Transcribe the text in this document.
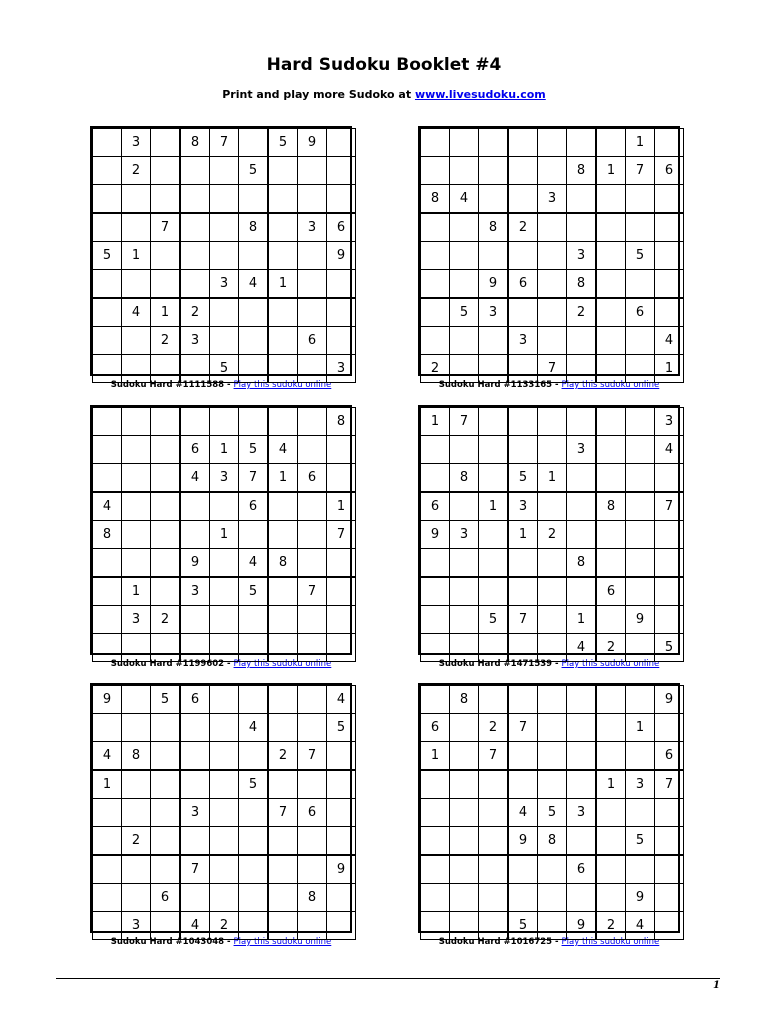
Hard Sudoku Booklet #4
Print and play more Sudoko at www.livesudoku.com
	3		8	7		5	9	
	2				5			

		7			8		3	6
5	1							9
				3	4	1		
	4	1	2					
		2	3				6	
				5				3
Sudoku Hard #1111588 - Play this sudoku online
							1	
					8	1	7	6
8	4			3				
		8	2					
					3		5	
		9	6		8			
	5	3			2		6	
			3					4
2				7				1
Sudoku Hard #1133165 - Play this sudoku online
								8
			6	1	5	4		
			4	3	7	1	6	
4					6			1
8				1				7
			9		4	8		
	1		3		5		7	
	3	2						

Sudoku Hard #1199602 - Play this sudoku online
1	7							3
					3			4
	8		5	1				
6		1	3			8		7
9	3		1	2				
					8			
						6		
		5	7		1		9	
					4	2		5
Sudoku Hard #1471539 - Play this sudoku online
9		5	6					4
					4			5
4	8					2	7	
1					5			
			3			7	6	
	2							
			7					9
		6					8	
	3		4	2				
Sudoku Hard #1043048 - Play this sudoku online
	8							9
6		2	7				1	
1		7						6
						1	3	7
			4	5	3			
			9	8			5	
					6			
							9	
			5		9	2	4	
Sudoku Hard #1016725 - Play this sudoku online
1
